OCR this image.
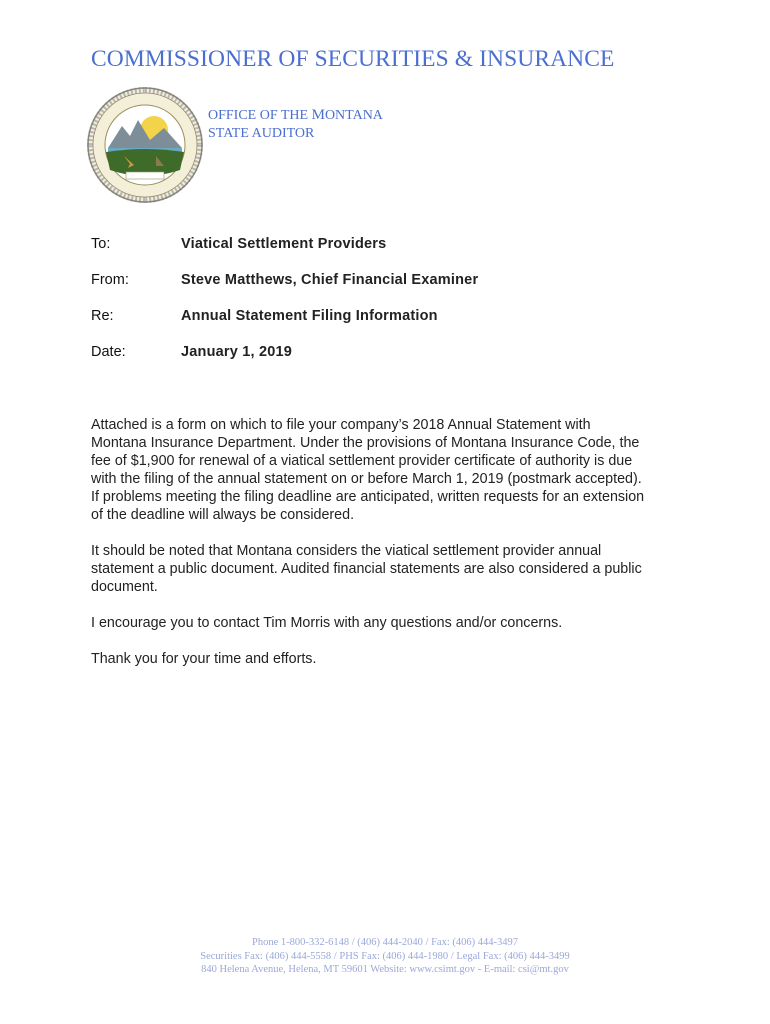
COMMISSIONER OF SECURITIES & INSURANCE
OFFICE OF THE MONTANA
STATE AUDITOR
To:	Viatical Settlement Providers
From:	Steve Matthews, Chief Financial Examiner
Re:	Annual Statement Filing Information
Date:	January 1, 2019

Attached is a form on which to file your company’s 2018 Annual Statement with
Montana Insurance Department. Under the provisions of Montana Insurance Code, the
fee of $1,900 for renewal of a viatical settlement provider certificate of authority is due
with the filing of the annual statement on or before March 1, 2019 (postmark accepted).
If problems meeting the filing deadline are anticipated, written requests for an extension
of the deadline will always be considered.

It should be noted that Montana considers the viatical settlement provider annual
statement a public document. Audited financial statements are also considered a public
document.

I encourage you to contact Tim Morris with any questions and/or concerns.

Thank you for your time and efforts.

Phone 1-800-332-6148 / (406) 444-2040 / Fax: (406) 444-3497
Securities Fax: (406) 444-5558 / PHS Fax: (406) 444-1980 / Legal Fax: (406) 444-3499
840 Helena Avenue, Helena, MT 59601 Website: www.csimt.gov - E-mail: csi@mt.gov
